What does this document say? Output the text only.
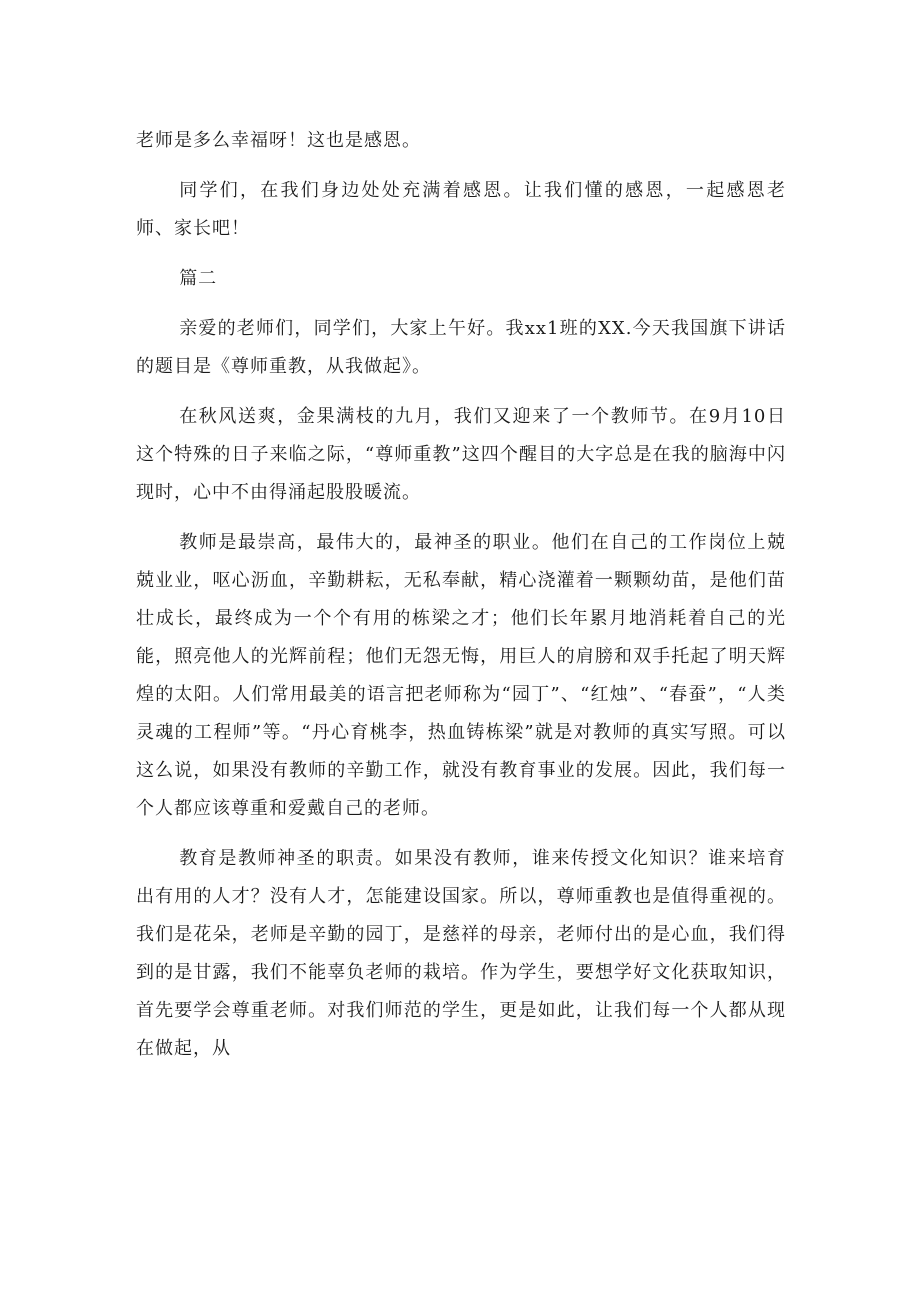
老师是多么幸福呀！这也是感恩。

同学们，在我们身边处处充满着感恩。让我们懂的感恩，一起感恩老师、家长吧！

篇二

亲爱的老师们，同学们，大家上午好。我xx1班的XX.今天我国旗下讲话的题目是《尊师重教，从我做起》。

在秋风送爽，金果满枝的九月，我们又迎来了一个教师节。在9月10日这个特殊的日子来临之际，“尊师重教”这四个醒目的大字总是在我的脑海中闪现时，心中不由得涌起股股暖流。

教师是最崇高，最伟大的，最神圣的职业。他们在自己的工作岗位上兢兢业业，呕心沥血，辛勤耕耘，无私奉献，精心浇灌着一颗颗幼苗，是他们苗壮成长，最终成为一个个有用的栋梁之才；他们长年累月地消耗着自己的光能，照亮他人的光辉前程；他们无怨无悔，用巨人的肩膀和双手托起了明天辉煌的太阳。人们常用最美的语言把老师称为“园丁”、“红烛”、“春蚕”，“人类灵魂的工程师”等。“丹心育桃李，热血铸栋梁”就是对教师的真实写照。可以这么说，如果没有教师的辛勤工作，就没有教育事业的发展。因此，我们每一个人都应该尊重和爱戴自己的老师。

教育是教师神圣的职责。如果没有教师，谁来传授文化知识？谁来培育出有用的人才？没有人才，怎能建设国家。所以，尊师重教也是值得重视的。我们是花朵，老师是辛勤的园丁，是慈祥的母亲，老师付出的是心血，我们得到的是甘露，我们不能辜负老师的栽培。作为学生，要想学好文化获取知识，首先要学会尊重老师。对我们师范的学生，更是如此，让我们每一个人都从现在做起，从
